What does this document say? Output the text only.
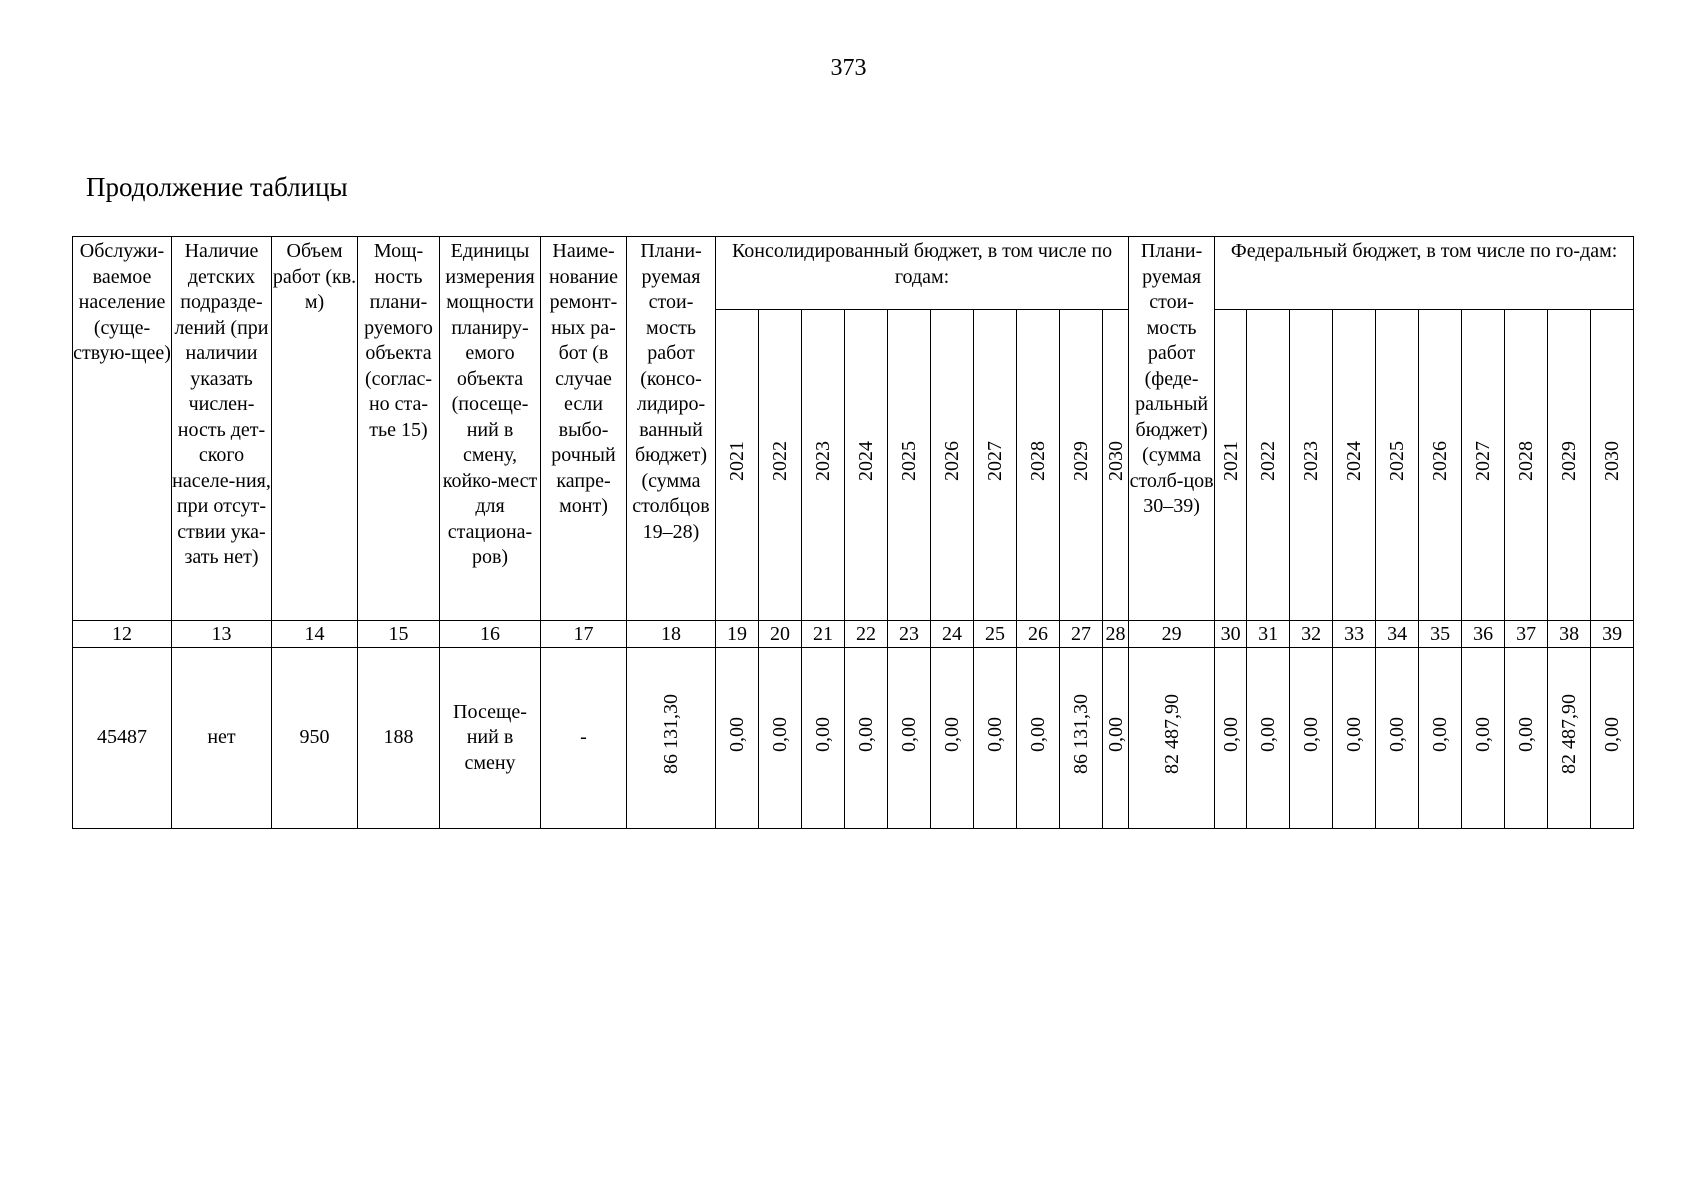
373
Продолжение таблицы
Обслужи-ваемое население (суще-ствую-щее)	Наличие детских подразде-лений (при наличии указать числен-ность дет-ского населе-ния, при отсут-ствии ука-зать нет)	Объем работ (кв. м)	Мощ-ность плани-руемого объекта (соглас-но ста-тье 15)	Единицы измерения мощности планиру-емого объекта (посеще-ний в смену, койко-мест для стациона-ров)	Наиме-нование ремонт-ных ра-бот (в случае если выбо-рочный капре-монт)	Плани-руемая стои-мость работ (консо-лидиро-ванный бюджет) (сумма столбцов 19–28)	Консолидированный бюджет, в том числе по годам:										Плани-руемая стои-мость работ (феде-ральный бюджет) (сумма столб-цов 30–39)	Федеральный бюджет, в том числе по го-дам:									
							2021	2022	2023	2024	2025	2026	2027	2028	2029	2030		2021	2022	2023	2024	2025	2026	2027	2028	2029	2030
12	13	14	15	16	17	18	19	20	21	22	23	24	25	26	27	28	29	30	31	32	33	34	35	36	37	38	39
45487	нет	950	188	Посеще-ний в смену	-	86 131,30	0,00	0,00	0,00	0,00	0,00	0,00	0,00	0,00	86 131,30	0,00	82 487,90	0,00	0,00	0,00	0,00	0,00	0,00	0,00	0,00	82 487,90	0,00
